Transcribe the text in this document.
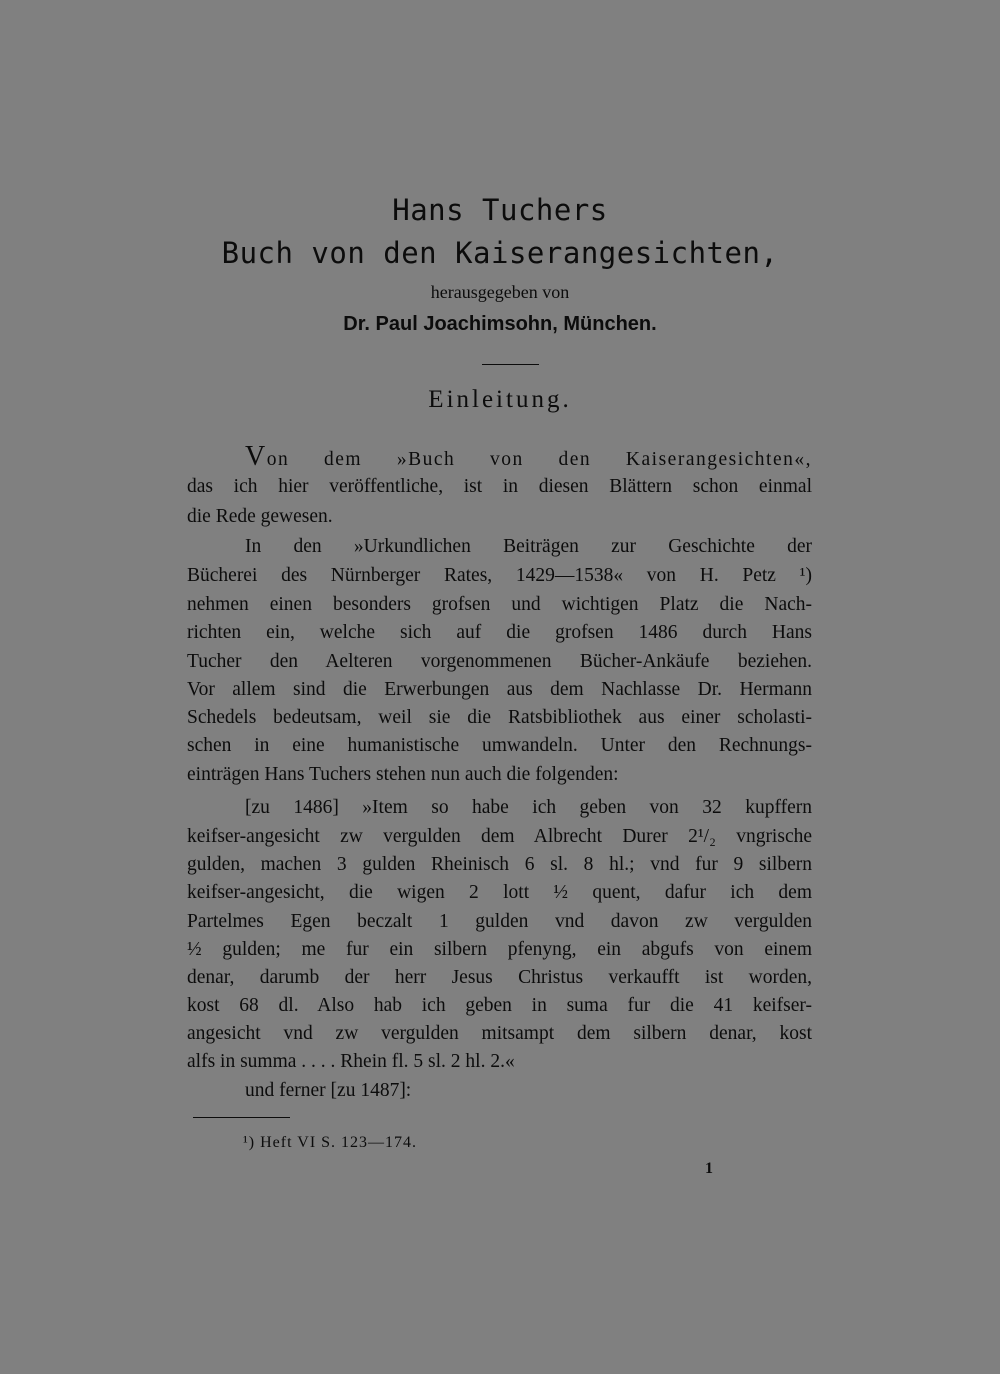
Hans Tuchers
Buch von den Kaiserangesichten,
herausgegeben von
Dr. Paul Joachimsohn, München.
Einleitung.
Von dem »Buch von den Kaiserangesichten«,
das ich hier veröffentliche, ist in diesen Blättern schon einmal
die Rede gewesen.
In den »Urkundlichen Beiträgen zur Geschichte der
Bücherei des Nürnberger Rates, 1429—1538« von H. Petz ¹)
nehmen einen besonders grofsen und wichtigen Platz die Nach-
richten ein, welche sich auf die grofsen 1486 durch Hans
Tucher den Aelteren vorgenommenen Bücher-Ankäufe beziehen.
Vor allem sind die Erwerbungen aus dem Nachlasse Dr. Hermann
Schedels bedeutsam, weil sie die Ratsbibliothek aus einer scholasti-
schen in eine humanistische umwandeln. Unter den Rechnungs-
einträgen Hans Tuchers stehen nun auch die folgenden:
[zu 1486] »Item so habe ich geben von 32 kupffern
keifser-angesicht zw vergulden dem Albrecht Durer 2¹/₂ vngrische
gulden, machen 3 gulden Rheinisch 6 sl. 8 hl.; vnd fur 9 silbern
keifser-angesicht, die wigen 2 lott ½ quent, dafur ich dem
Partelmes Egen beczalt 1 gulden vnd davon zw vergulden
½ gulden; me fur ein silbern pfenyng, ein abgufs von einem
denar, darumb der herr Jesus Christus verkaufft ist worden,
kost 68 dl. Also hab ich geben in suma fur die 41 keifser-
angesicht vnd zw vergulden mitsampt dem silbern denar, kost
alfs in summa . . . . Rhein fl. 5 sl. 2 hl. 2.«
und ferner [zu 1487]:
¹) Heft VI S. 123—174.
1
